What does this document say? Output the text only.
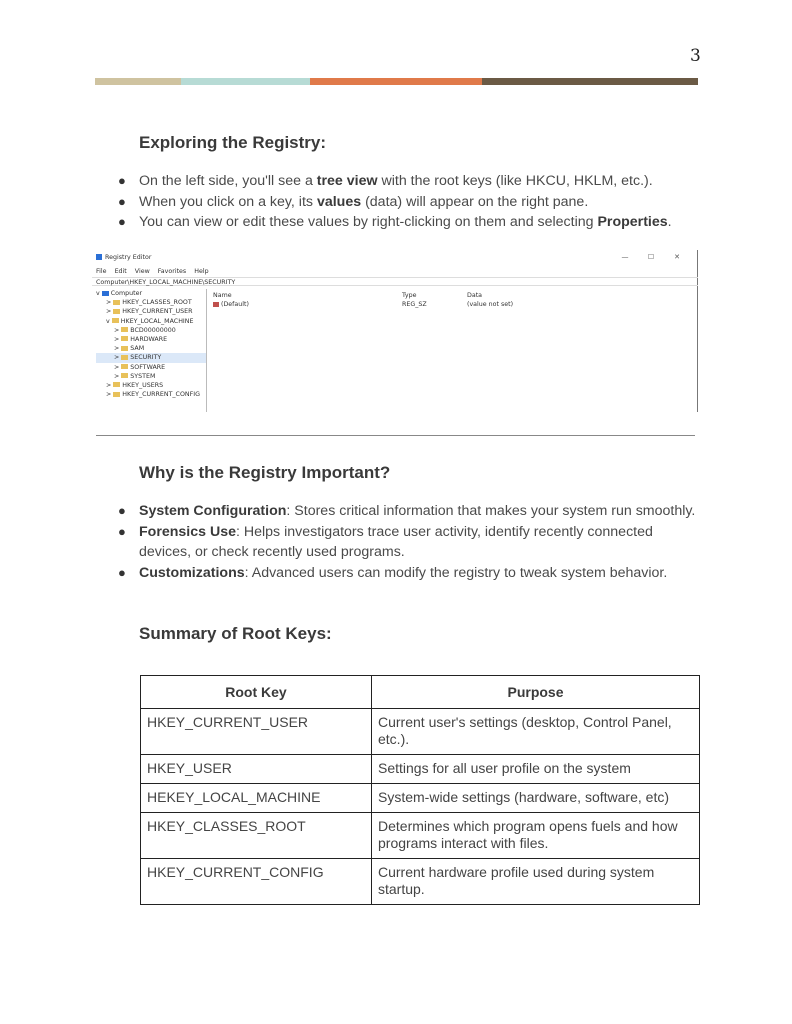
3
Exploring the Registry:
● On the left side, you'll see a tree view with the root keys (like HKCU, HKLM, etc.).
● When you click on a key, its values (data) will appear on the right pane.
● You can view or edit these values by right-clicking on them and selecting Properties.
Registry Editor	—	☐	✕
File Edit View Favorites Help
Computer\HKEY_LOCAL_MACHINE\SECURITY
v Computer
> HKEY_CLASSES_ROOT
> HKEY_CURRENT_USER
v HKEY_LOCAL_MACHINE
> BCD00000000
> HARDWARE
> SAM
> SECURITY
> SOFTWARE
> SYSTEM
> HKEY_USERS
> HKEY_CURRENT_CONFIG
Name	Type	Data
(Default)	REG_SZ	(value not set)
Why is the Registry Important?
● System Configuration: Stores critical information that makes your system run smoothly.
● Forensics Use: Helps investigators trace user activity, identify recently connected devices, or check recently used programs.
● Customizations: Advanced users can modify the registry to tweak system behavior.
Summary of Root Keys:
Root Key	Purpose
HKEY_CURRENT_USER	Current user's settings (desktop, Control Panel, etc.).
HKEY_USER	Settings for all user profile on the system
HEKEY_LOCAL_MACHINE	System-wide settings (hardware, software, etc)
HKEY_CLASSES_ROOT	Determines which program opens fuels and how programs interact with files.
HKEY_CURRENT_CONFIG	Current hardware profile used during system startup.
